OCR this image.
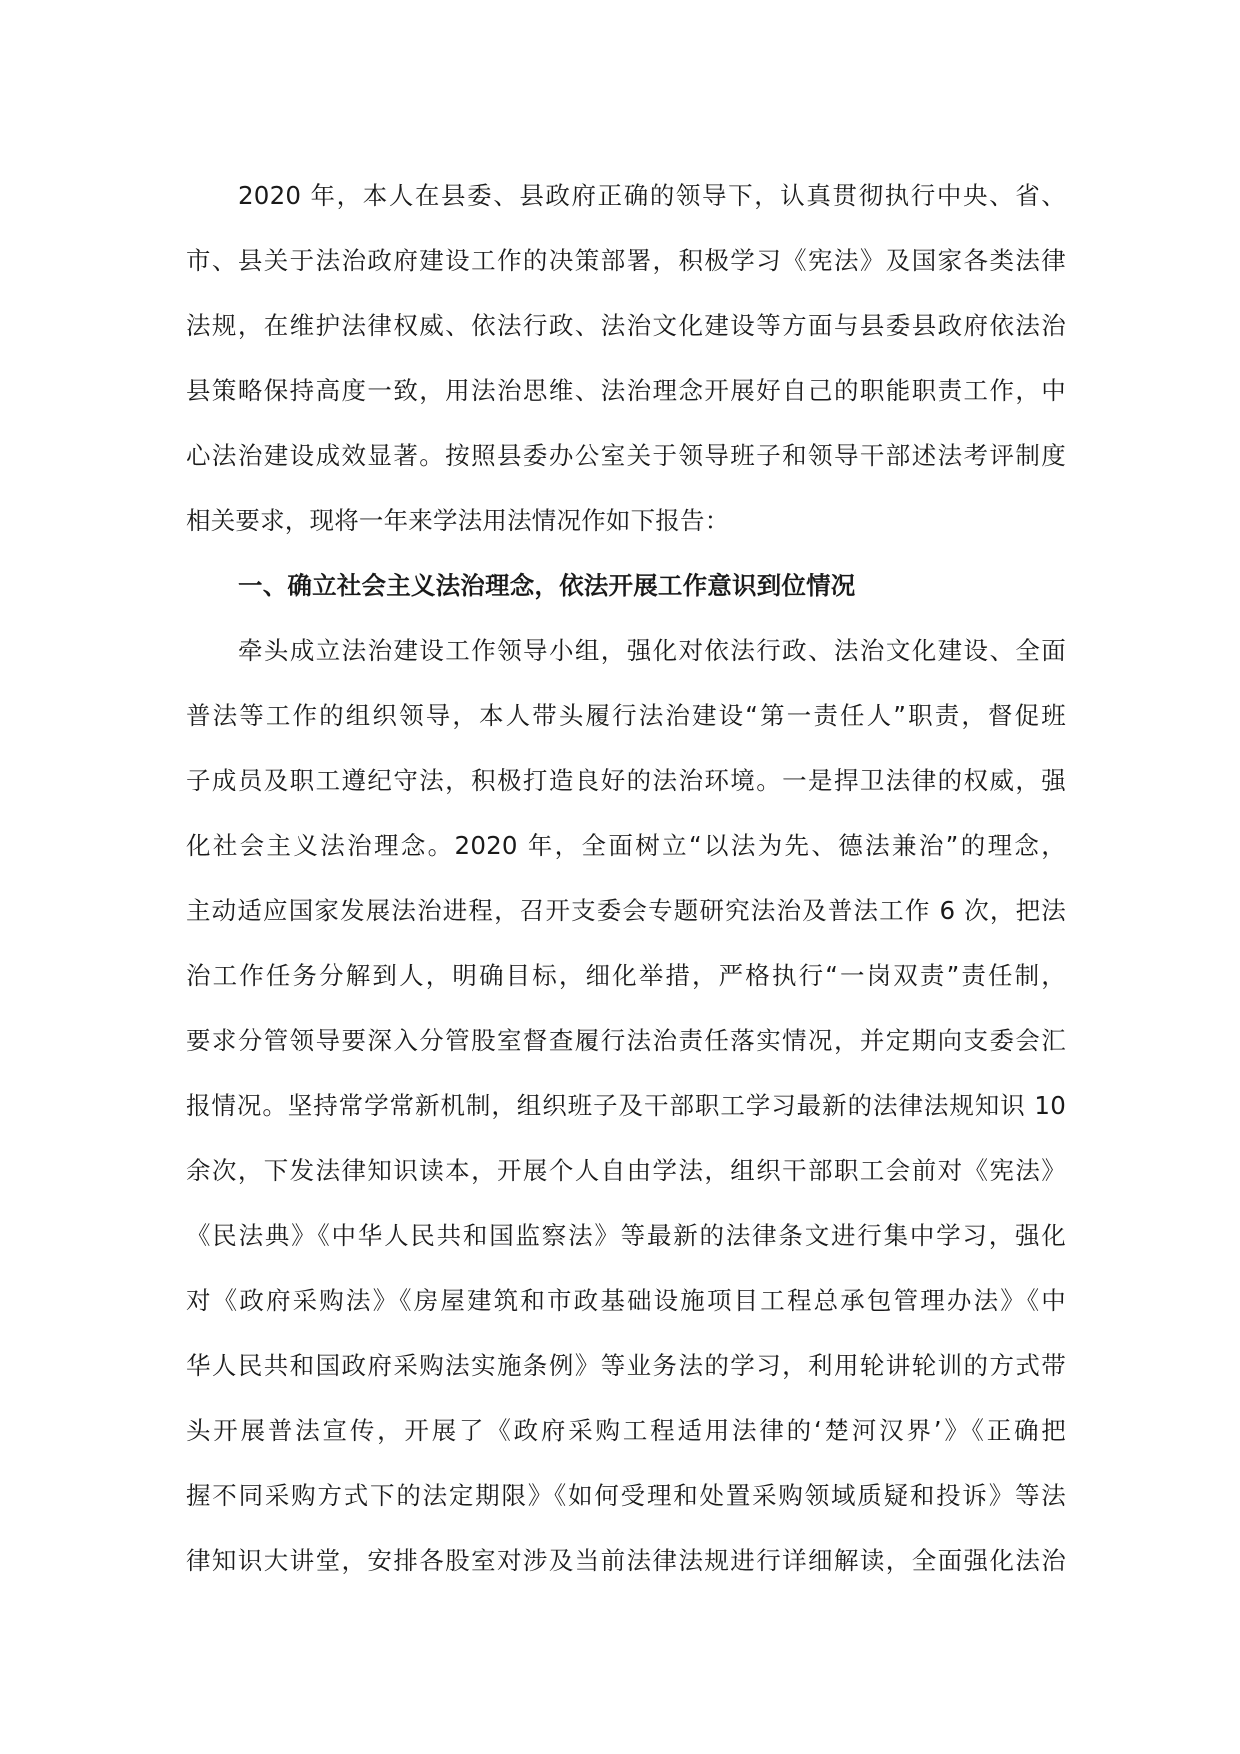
2020 年，本人在县委、县政府正确的领导下，认真贯彻执行中央、省、
市、县关于法治政府建设工作的决策部署，积极学习《宪法》及国家各类法律
法规，在维护法律权威、依法行政、法治文化建设等方面与县委县政府依法治
县策略保持高度一致，用法治思维、法治理念开展好自己的职能职责工作，中
心法治建设成效显著。按照县委办公室关于领导班子和领导干部述法考评制度
相关要求，现将一年来学法用法情况作如下报告：
一、确立社会主义法治理念，依法开展工作意识到位情况
牵头成立法治建设工作领导小组，强化对依法行政、法治文化建设、全面
普法等工作的组织领导，本人带头履行法治建设“第一责任人”职责，督促班
子成员及职工遵纪守法，积极打造良好的法治环境。一是捍卫法律的权威，强
化社会主义法治理念。2020 年，全面树立“以法为先、德法兼治”的理念，
主动适应国家发展法治进程，召开支委会专题研究法治及普法工作 6 次，把法
治工作任务分解到人，明确目标，细化举措，严格执行“一岗双责”责任制，
要求分管领导要深入分管股室督查履行法治责任落实情况，并定期向支委会汇
报情况。坚持常学常新机制，组织班子及干部职工学习最新的法律法规知识 10
余次，下发法律知识读本，开展个人自由学法，组织干部职工会前对《宪法》
《民法典》《中华人民共和国监察法》等最新的法律条文进行集中学习，强化
对《政府采购法》《房屋建筑和市政基础设施项目工程总承包管理办法》《中
华人民共和国政府采购法实施条例》等业务法的学习，利用轮讲轮训的方式带
头开展普法宣传，开展了《政府采购工程适用法律的‘楚河汉界’》《正确把
握不同采购方式下的法定期限》《如何受理和处置采购领域质疑和投诉》等法
律知识大讲堂，安排各股室对涉及当前法律法规进行详细解读，全面强化法治
